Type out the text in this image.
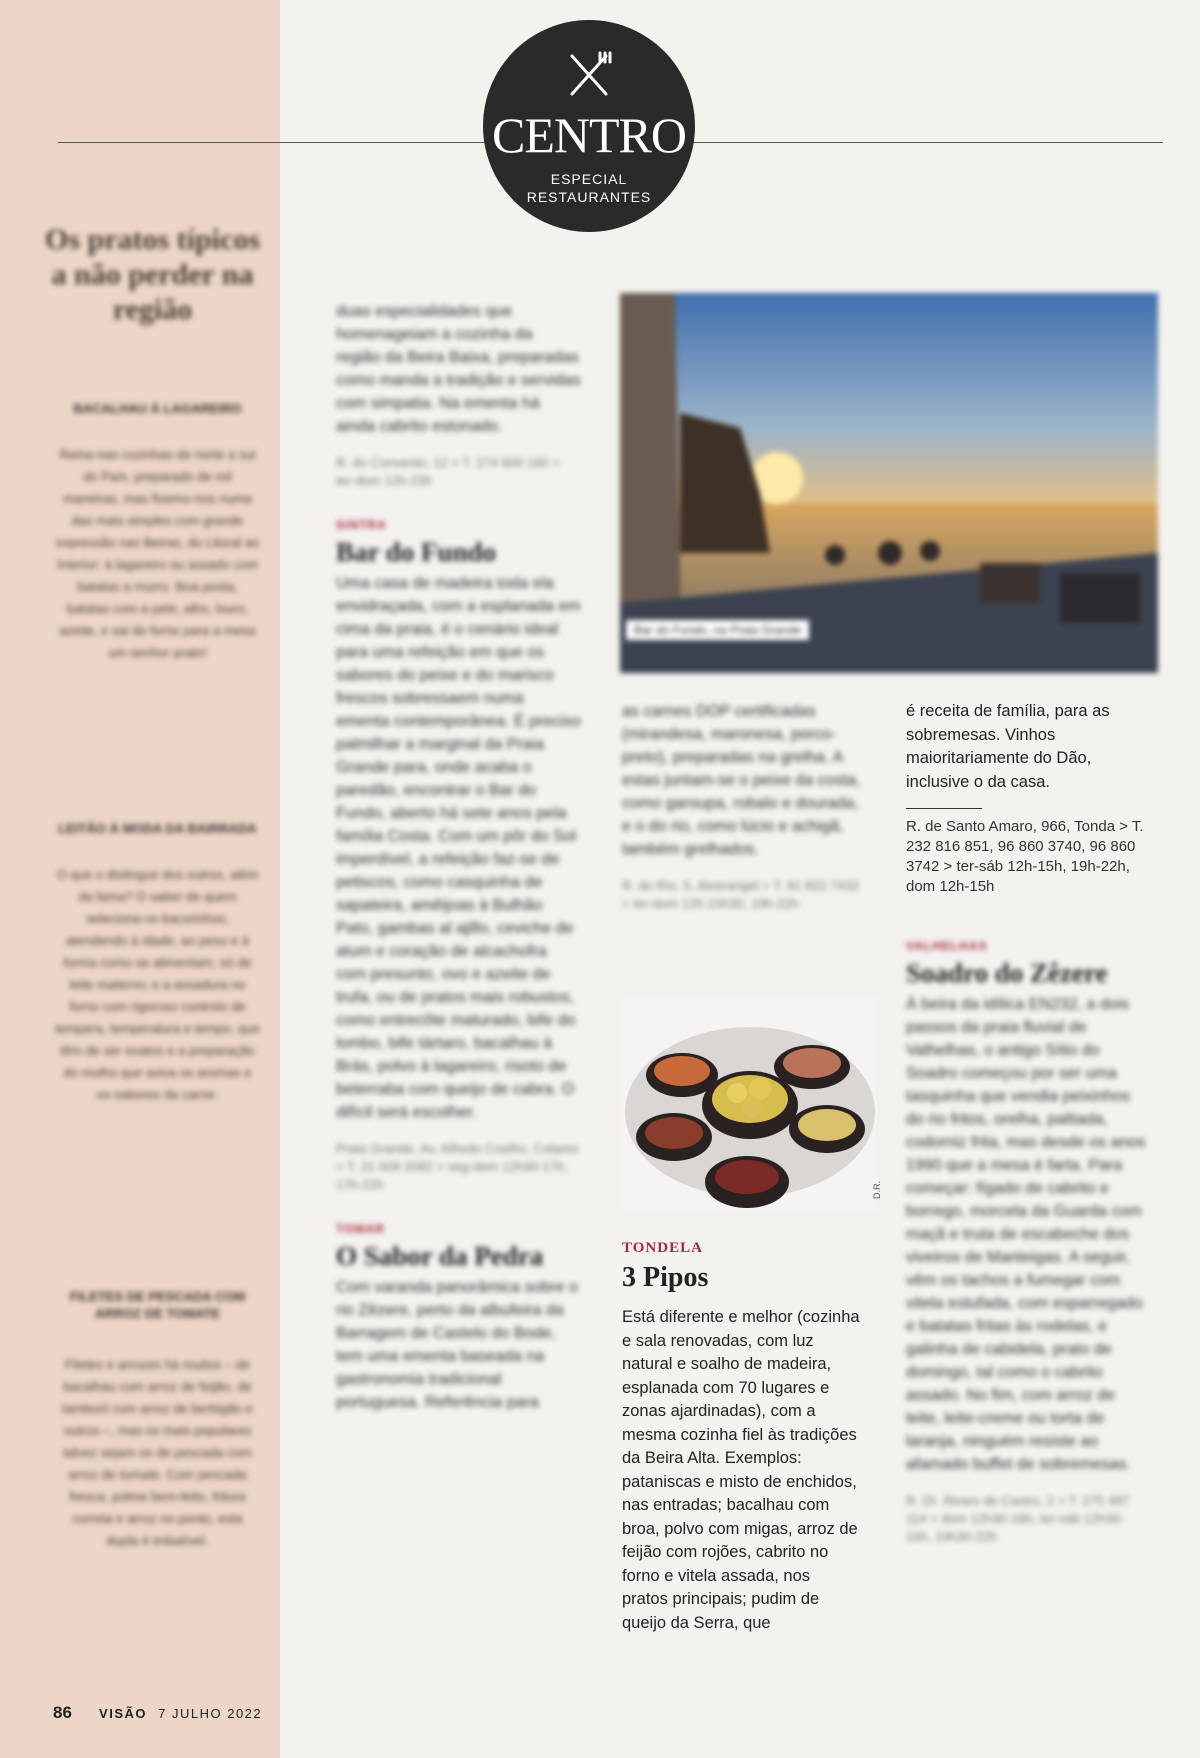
CENTRO
ESPECIAL
RESTAURANTES
Os pratos típicos a não perder na região
BACALHAU À LAGAREIRO
Reina nas cozinhas de norte a sul do País, preparado de mil maneiras, mas fixemo-nos numa das mais simples com grande expressão nas Beiras, do Litoral ao Interior: à lagareiro ou assado com batatas a murro. Boa posta, batatas com a pele, alho, louro, azeite, e sai do forno para a mesa um senhor prato!
LEITÃO À MODA DA BAIRRADA
O que o distingue dos outros, além da fama? O saber de quem seleciona os bacorinhos, atendendo à idade, ao peso e à forma como se alimentam, só de leite materno; e a assadura no forno com rigoroso controlo de tempera, temperatura e tempo, que têm de ser exatos e a preparação do molho que aviva os aromas e os sabores da carne.
FILETES DE PESCADA COM ARROZ DE TOMATE
Filetes e arrozes há muitos – de bacalhau com arroz de feijão, de tamboril com arroz de berbigão e outros –, mas os mais populares talvez sejam os de pescada com arroz de tomate. Com pescada fresca, polme bem-feito, fritura correta e arroz no ponto, esta dupla é imbatível.
duas especialidades que homenageiam a cozinha da região da Beira Baixa, preparadas como manda a tradição e servidas com simpatia. Na ementa há ainda cabrito estonado.
R. do Convento, 12 > T. 274 600 160 > ter-dom 12h-23h
SINTRA
Bar do Fundo
Uma casa de madeira toda ela envidraçada, com a esplanada em cima da praia, é o cenário ideal para uma refeição em que os sabores do peixe e do marisco frescos sobressaem numa ementa contemporânea. É preciso palmilhar a marginal da Praia Grande para, onde acaba o paredão, encontrar o Bar do Fundo, aberto há sete anos pela família Costa. Com um pôr do Sol imperdível, a refeição faz-se de petiscos, como casquinha de sapateira, amêijoas à Bulhão Pato, gambas al ajillo, ceviche de atum e coração de alcachofra com presunto, ovo e azeite de trufa, ou de pratos mais robustos, como entrecôte maturado, bife do lombo, bife tártaro, bacalhau à Brás, polvo à lagareiro, risoto de beterraba com queijo de cabra. O difícil será escolher.
Praia Grande, Av. Alfredo Coelho, Colares > T. 21 928 2082 > seg-dom 12h30-17h, 17h-22h
TOMAR
O Sabor da Pedra
Com varanda panorâmica sobre o rio Zêzere, perto da albufeira da Barragem de Castelo do Bode, tem uma ementa baseada na gastronomia tradicional portuguesa. Referência para
Bar do Fundo, na Praia Grande
as carnes DOP certificadas (mirandesa, maronesa, porco-preto), preparadas na grelha. A estas juntam-se o peixe da costa, como garoupa, robalo e dourada, e o do rio, como lúcio e achigã, também grelhados.
R. do Rio, 5, Alverangel > T. 91 822 7432 > ter-dom 12h-15h30, 19h-22h
D.R.
TONDELA
3 Pipos
Está diferente e melhor (cozinha e sala renovadas, com luz natural e soalho de madeira, esplanada com 70 lugares e zonas ajardinadas), com a mesma cozinha fiel às tradições da Beira Alta. Exemplos: pataniscas e misto de enchidos, nas entradas; bacalhau com broa, polvo com migas, arroz de feijão com rojões, cabrito no forno e vitela assada, nos pratos principais; pudim de queijo da Serra, que
é receita de família, para as sobremesas. Vinhos maioritariamente do Dão, inclusive o da casa.
R. de Santo Amaro, 966, Tonda > T. 232 816 851, 96 860 3740, 96 860 3742 > ter-sáb 12h-15h, 19h-22h, dom 12h-15h
VALHELHAS
Soadro do Zêzere
À beira da idílica EN232, a dois passos da praia fluvial de Valhelhas, o antigo Sítio do Soadro começou por ser uma tasquinha que vendia peixinhos do rio fritos, orelha, paltiada, codorniz frita, mas desde os anos 1990 que a mesa é farta. Para começar: fígado de cabrito e borrego, morcela da Guarda com maçã e truta de escabeche dos viveiros de Manteigas. A seguir, vêm os tachos a fumegar com vitela estufada, com esparregado e batatas fritas às rodelas, e galinha de cabidela, prato de domingo, tal como o cabrito assado. No fim, com arroz de leite, leite-creme ou torta de laranja, ninguém resiste ao afamado buffet de sobremesas.
R. Dr. Álvaro de Castro, 2 > T. 275 487 114 > dom 12h30-16h, ter-sáb 12h30-16h, 19h30-22h
86 VISÃO 7 JULHO 2022
